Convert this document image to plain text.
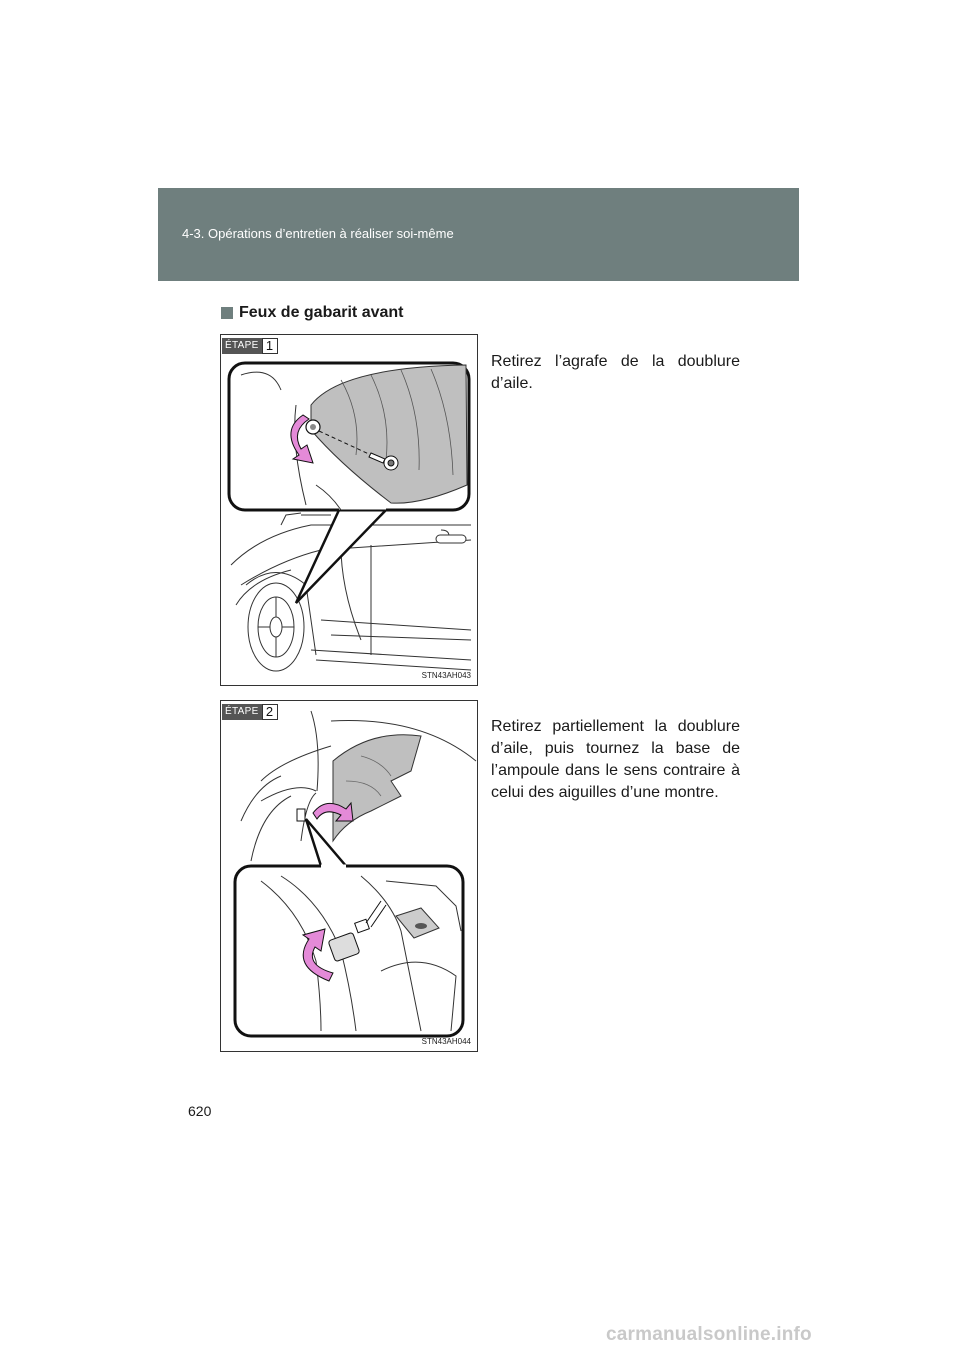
4-3. Opérations d’entretien à réaliser soi-même
Feux de gabarit avant
ÉTAPE 1
STN43AH043

Retirez l’agrafe de la doublure d’aile.

ÉTAPE 2
STN43AH044

Retirez partiellement la doublure d’aile, puis tournez la base de l’ampoule dans le sens contraire à celui des aiguilles d’une montre.

620
carmanualsonline.info
